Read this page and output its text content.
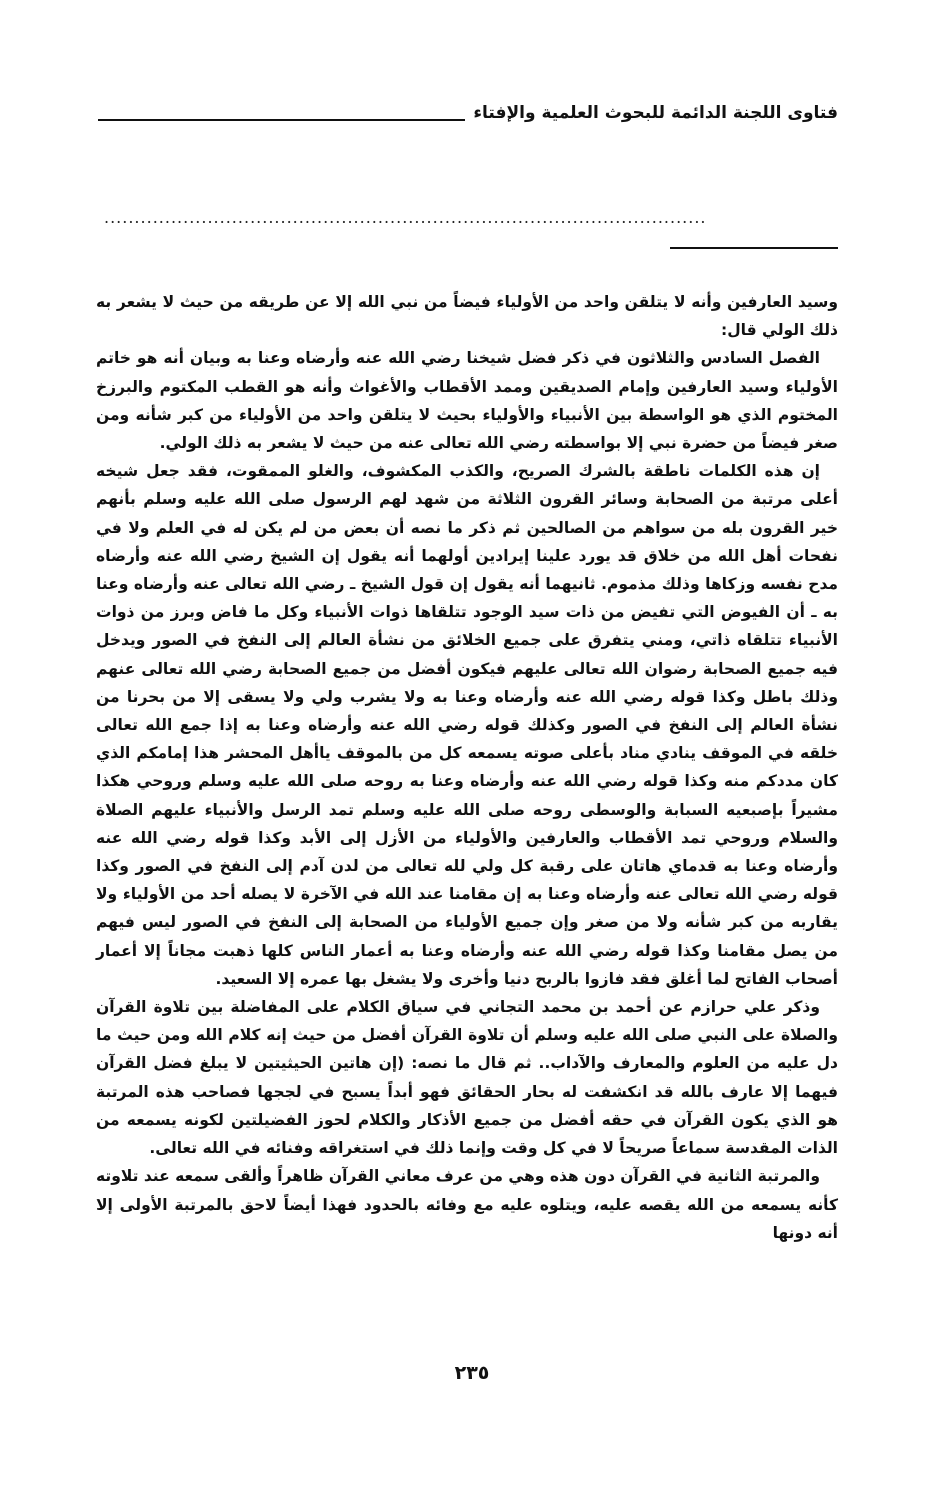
فتاوى اللجنة الدائمة للبحوث العلمية والإفتاء
...................................................................................................

وسيد العارفين وأنه لا يتلقن واحد من الأولياء فيضاً من نبي الله إلا عن طريقه من حيث لا يشعر به ذلك الولي قال:

الفصل السادس والثلاثون في ذكر فضل شيخنا رضي الله عنه وأرضاه وعنا به وبيان أنه هو خاتم الأولياء وسيد العارفين وإمام الصديقين وممد الأقطاب والأغواث وأنه هو القطب المكتوم والبرزخ المختوم الذي هو الواسطة بين الأنبياء والأولياء بحيث لا يتلقن واحد من الأولياء من كبر شأنه ومن صغر فيضاً من حضرة نبي إلا بواسطته رضي الله تعالى عنه من حيث لا يشعر به ذلك الولي.

إن هذه الكلمات ناطقة بالشرك الصريح، والكذب المكشوف، والغلو الممقوت، فقد جعل شيخه أعلى مرتبة من الصحابة وسائر القرون الثلاثة من شهد لهم الرسول صلى الله عليه وسلم بأنهم خير القرون بله من سواهم من الصالحين ثم ذكر ما نصه أن بعض من لم يكن له في العلم ولا في نفحات أهل الله من خلاق قد يورد علينا إيرادين أولهما أنه يقول إن الشيخ رضي الله عنه وأرضاه مدح نفسه وزكاها وذلك مذموم. ثانيهما أنه يقول إن قول الشيخ ـ رضي الله تعالى عنه وأرضاه وعنا به ـ أن الفيوض التي تفيض من ذات سيد الوجود تتلقاها ذوات الأنبياء وكل ما فاض وبرز من ذوات الأنبياء تتلقاه ذاتي، ومني يتفرق على جميع الخلائق من نشأة العالم إلى النفخ في الصور ويدخل فيه جميع الصحابة رضوان الله تعالى عليهم فيكون أفضل من جميع الصحابة رضي الله تعالى عنهم وذلك باطل وكذا قوله رضي الله عنه وأرضاه وعنا به ولا يشرب ولي ولا يسقى إلا من بحرنا من نشأة العالم إلى النفخ في الصور وكذلك قوله رضي الله عنه وأرضاه وعنا به إذا جمع الله تعالى خلقه في الموقف ينادي مناد بأعلى صوته يسمعه كل من بالموقف ياأهل المحشر هذا إمامكم الذي كان مددكم منه وكذا قوله رضي الله عنه وأرضاه وعنا به روحه صلى الله عليه وسلم وروحي هكذا مشيراً بإصبعيه السبابة والوسطى روحه صلى الله عليه وسلم تمد الرسل والأنبياء عليهم الصلاة والسلام وروحي تمد الأقطاب والعارفين والأولياء من الأزل إلى الأبد وكذا قوله رضي الله عنه وأرضاه وعنا به قدماي هاتان على رقبة كل ولي لله تعالى من لدن آدم إلى النفخ في الصور وكذا قوله رضي الله تعالى عنه وأرضاه وعنا به إن مقامنا عند الله في الآخرة لا يصله أحد من الأولياء ولا يقاربه من كبر شأنه ولا من صغر وإن جميع الأولياء من الصحابة إلى النفخ في الصور ليس فيهم من يصل مقامنا وكذا قوله رضي الله عنه وأرضاه وعنا به أعمار الناس كلها ذهبت مجاناً إلا أعمار أصحاب الفاتح لما أغلق فقد فازوا بالربح دنيا وأخرى ولا يشغل بها عمره إلا السعيد.

وذكر علي حرازم عن أحمد بن محمد التجاني في سياق الكلام على المفاضلة بين تلاوة القرآن والصلاة على النبي صلى الله عليه وسلم أن تلاوة القرآن أفضل من حيث إنه كلام الله ومن حيث ما دل عليه من العلوم والمعارف والآداب.. ثم قال ما نصه: (إن هاتين الحيثيتين لا يبلغ فضل القرآن فيهما إلا عارف بالله قد انكشفت له بحار الحقائق فهو أبداً يسبح في لججها فصاحب هذه المرتبة هو الذي يكون القرآن في حقه أفضل من جميع الأذكار والكلام لحوز الفضيلتين لكونه يسمعه من الذات المقدسة سماعاً صريحاً لا في كل وقت وإنما ذلك في استغراقه وفنائه في الله تعالى.

والمرتبة الثانية في القرآن دون هذه وهي من عرف معاني القرآن ظاهراً وألقى سمعه عند تلاوته كأنه يسمعه من الله يقصه عليه، ويتلوه عليه مع وفائه بالحدود فهذا أيضاً لاحق بالمرتبة الأولى إلا أنه دونها

٢٣٥
